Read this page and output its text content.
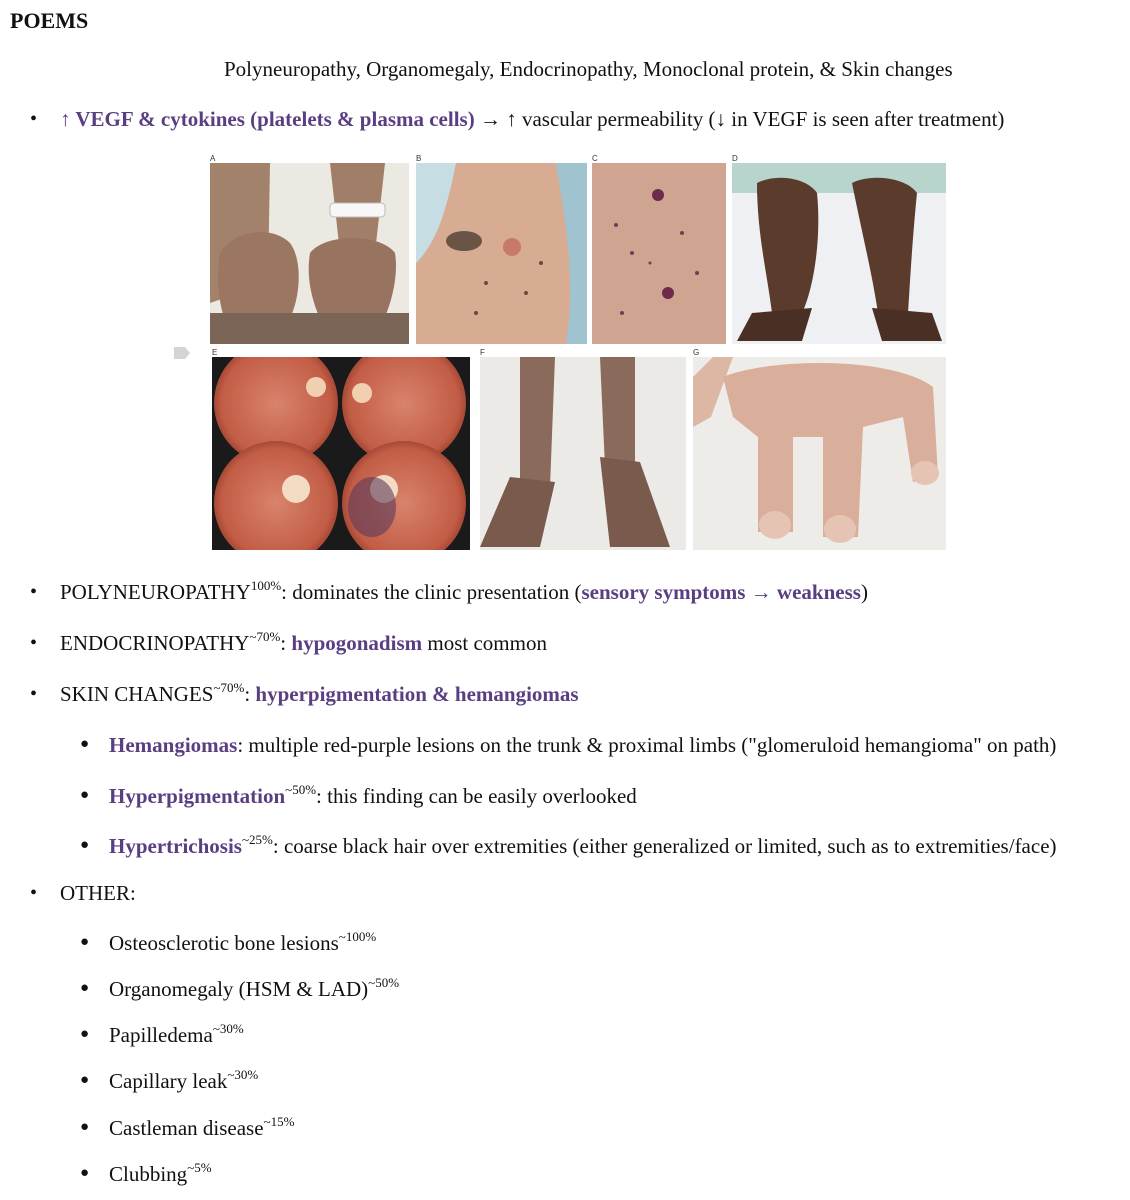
POEMS
Polyneuropathy, Organomegaly, Endocrinopathy, Monoclonal protein, & Skin changes
• ↑ VEGF & cytokines (platelets & plasma cells) → ↑ vascular permeability (↓ in VEGF is seen after treatment)
A	B	C	D
E	F	G
• $POLYNEUROPATHY^{100\%}$: dominates the clinic presentation (sensory symptoms → weakness)
• $ENDOCRINOPATHY^{\sim 70\%}$: hypogonadism most common
• SKIN $CHANGES^{\sim 70\%}$: hyperpigmentation & hemangiomas
● Hemangiomas: multiple red-purple lesions on the trunk & proximal limbs ("glomeruloid hemangioma" on path)
● Hyperpigmentation$^{\sim 50\%}$: this finding can be easily overlooked
● Hypertrichosis$^{\sim 25\%}$: coarse black hair over extremities (either generalized or limited, such as to extremities/face)
• OTHER:
● Osteosclerotic bone lesions$^{\sim 100\%}$
● Organomegaly (HSM & LAD)$^{\sim 50\%}$
● Papilledema$^{\sim 30\%}$
● Capillary leak$^{\sim 30\%}$
● Castleman disease$^{\sim 15\%}$
● Clubbing$^{\sim 5\%}$
